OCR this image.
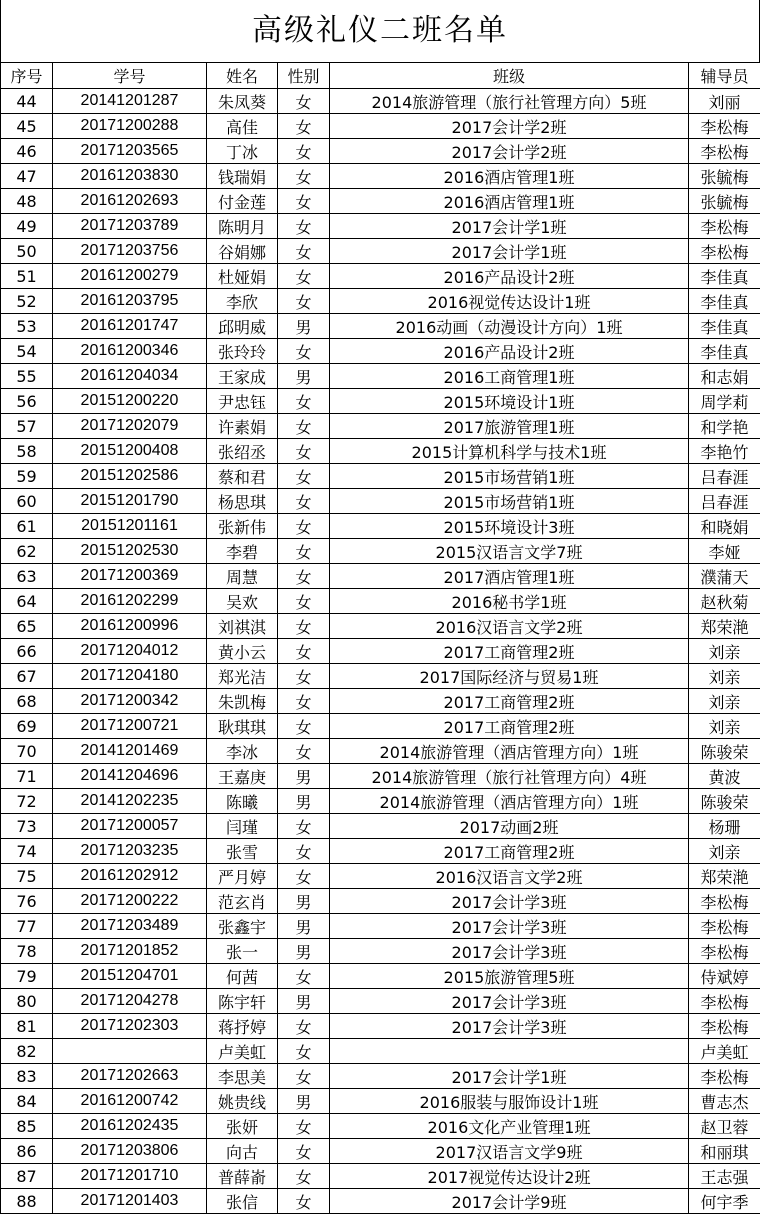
高级礼仪二班名单
序号	学号	姓名	性别	班级	辅导员
44	20141201287	朱凤葵	女	2014旅游管理（旅行社管理方向）5班	刘丽
45	20171200288	高佳	女	2017会计学2班	李松梅
46	20171203565	丁冰	女	2017会计学2班	李松梅
47	20161203830	钱瑞娟	女	2016酒店管理1班	张毓梅
48	20161202693	付金莲	女	2016酒店管理1班	张毓梅
49	20171203789	陈明月	女	2017会计学1班	李松梅
50	20171203756	谷娟娜	女	2017会计学1班	李松梅
51	20161200279	杜娅娟	女	2016产品设计2班	李佳真
52	20161203795	李欣	女	2016视觉传达设计1班	李佳真
53	20161201747	邱明威	男	2016动画（动漫设计方向）1班	李佳真
54	20161200346	张玲玲	女	2016产品设计2班	李佳真
55	20161204034	王家成	男	2016工商管理1班	和志娟
56	20151200220	尹忠钰	女	2015环境设计1班	周学莉
57	20171202079	许素娟	女	2017旅游管理1班	和学艳
58	20151200408	张绍丞	女	2015计算机科学与技术1班	李艳竹
59	20151202586	蔡和君	女	2015市场营销1班	吕春涯
60	20151201790	杨思琪	女	2015市场营销1班	吕春涯
61	20151201161	张新伟	女	2015环境设计3班	和晓娟
62	20151202530	李碧	女	2015汉语言文学7班	李娅
63	20171200369	周慧	女	2017酒店管理1班	濮蒲天
64	20161202299	吴欢	女	2016秘书学1班	赵秋菊
65	20161200996	刘祺淇	女	2016汉语言文学2班	郑荣滟
66	20171204012	黄小云	女	2017工商管理2班	刘亲
67	20171204180	郑光洁	女	2017国际经济与贸易1班	刘亲
68	20171200342	朱凯梅	女	2017工商管理2班	刘亲
69	20171200721	耿琪琪	女	2017工商管理2班	刘亲
70	20141201469	李冰	女	2014旅游管理（酒店管理方向）1班	陈骏荣
71	20141204696	王嘉庚	男	2014旅游管理（旅行社管理方向）4班	黄波
72	20141202235	陈曦	男	2014旅游管理（酒店管理方向）1班	陈骏荣
73	20171200057	闫瑾	女	2017动画2班	杨珊
74	20171203235	张雪	女	2017工商管理2班	刘亲
75	20161202912	严月婷	女	2016汉语言文学2班	郑荣滟
76	20171200222	范玄肖	男	2017会计学3班	李松梅
77	20171203489	张鑫宇	男	2017会计学3班	李松梅
78	20171201852	张一	男	2017会计学3班	李松梅
79	20151204701	何茜	女	2015旅游管理5班	侍斌婷
80	20171204278	陈宇轩	男	2017会计学3班	李松梅
81	20171202303	蒋抒婷	女	2017会计学3班	李松梅
82		卢美虹	女		卢美虹
83	20171202663	李思美	女	2017会计学1班	李松梅
84	20161200742	姚贵线	男	2016服装与服饰设计1班	曹志杰
85	20161202435	张妍	女	2016文化产业管理1班	赵卫蓉
86	20171203806	向古	女	2017汉语言文学9班	和丽琪
87	20171201710	普薛嵛	女	2017视觉传达设计2班	王志强
88	20171201403	张信	女	2017会计学9班	何宇季
